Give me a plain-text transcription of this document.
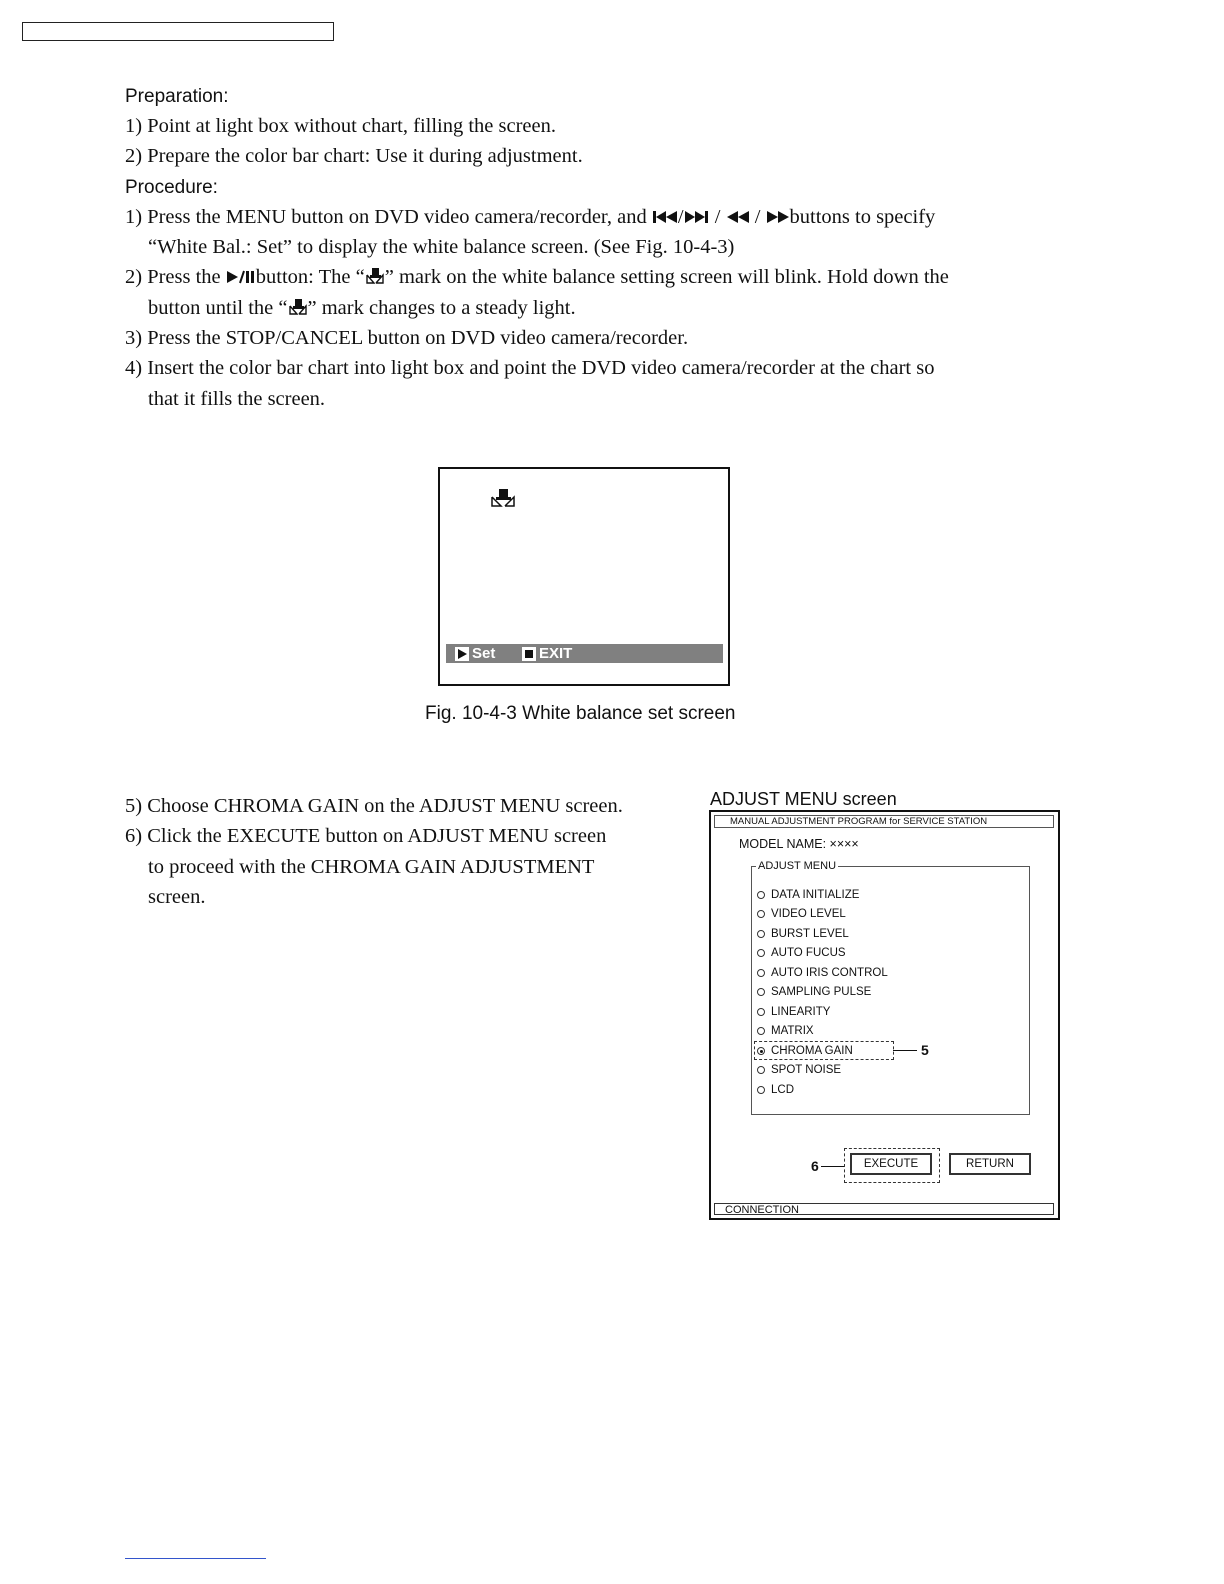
Preparation:
1) Point at light box without chart, filling the screen.
2) Prepare the color bar chart: Use it during adjustment.
Procedure:
1) Press the MENU button on DVD video camera/recorder, and / / / buttons to specify
“White Bal.: Set” to display the white balance screen. (See Fig. 10-4-3)
2) Press the button: The “ ” mark on the white balance setting screen will blink. Hold down the
button until the “ ” mark changes to a steady light.
3) Press the STOP/CANCEL button on DVD video camera/recorder.
4) Insert the color bar chart into light box and point the DVD video camera/recorder at the chart so
that it fills the screen.
Set	EXIT
Fig. 10-4-3 White balance set screen
5) Choose CHROMA GAIN on the ADJUST MENU screen.
6) Click the EXECUTE button on ADJUST MENU screen
to proceed with the CHROMA GAIN ADJUSTMENT
screen.
ADJUST MENU screen
MANUAL ADJUSTMENT PROGRAM for SERVICE STATION
MODEL NAME: ××××
ADJUST MENU
DATA INITIALIZE
VIDEO LEVEL
BURST LEVEL
AUTO FUCUS
AUTO IRIS CONTROL
SAMPLING PULSE
LINEARITY
MATRIX
CHROMA GAIN
SPOT NOISE
LCD
5
6	EXECUTE	RETURN
CONNECTION
